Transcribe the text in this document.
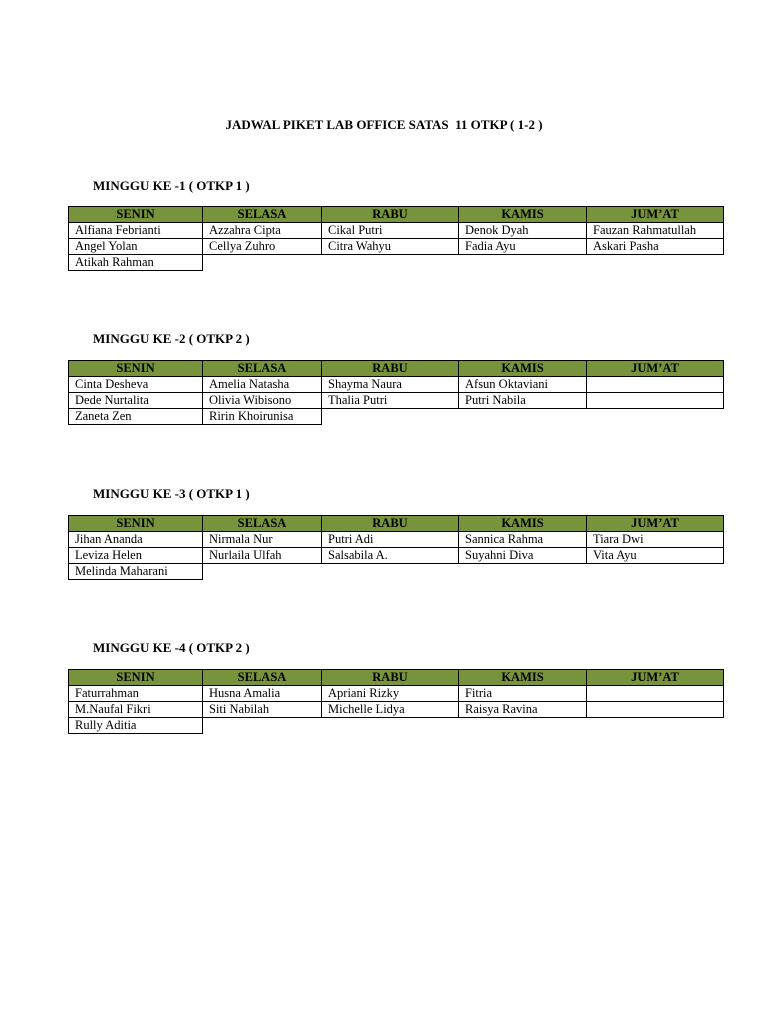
JADWAL PIKET LAB OFFICE SATAS  11 OTKP ( 1-2 )
MINGGU KE -1 ( OTKP 1 )
SENIN	SELASA	RABU	KAMIS	JUM’AT
Alfiana Febrianti	Azzahra Cipta	Cikal Putri	Denok Dyah	Fauzan Rahmatullah
Angel Yolan	Cellya Zuhro	Citra Wahyu	Fadia Ayu	Askari Pasha
Atikah Rahman				
MINGGU KE -2 ( OTKP 2 )
SENIN	SELASA	RABU	KAMIS	JUM’AT
Cinta Desheva	Amelia Natasha	Shayma Naura	Afsun Oktaviani	
Dede Nurtalita	Olivia Wibisono	Thalia Putri	Putri Nabila	
Zaneta Zen	Ririn Khoirunisa			
MINGGU KE -3 ( OTKP 1 )
SENIN	SELASA	RABU	KAMIS	JUM’AT
Jihan Ananda	Nirmala Nur	Putri Adi	Sannica Rahma	Tiara Dwi
Leviza Helen	Nurlaila Ulfah	Salsabila A.	Suyahni Diva	Vita Ayu
Melinda Maharani				
MINGGU KE -4 ( OTKP 2 )
SENIN	SELASA	RABU	KAMIS	JUM’AT
Faturrahman	Husna Amalia	Apriani Rizky	Fitria	
M.Naufal Fikri	Siti Nabilah	Michelle Lidya	Raisya Ravina	
Rully Aditia				
